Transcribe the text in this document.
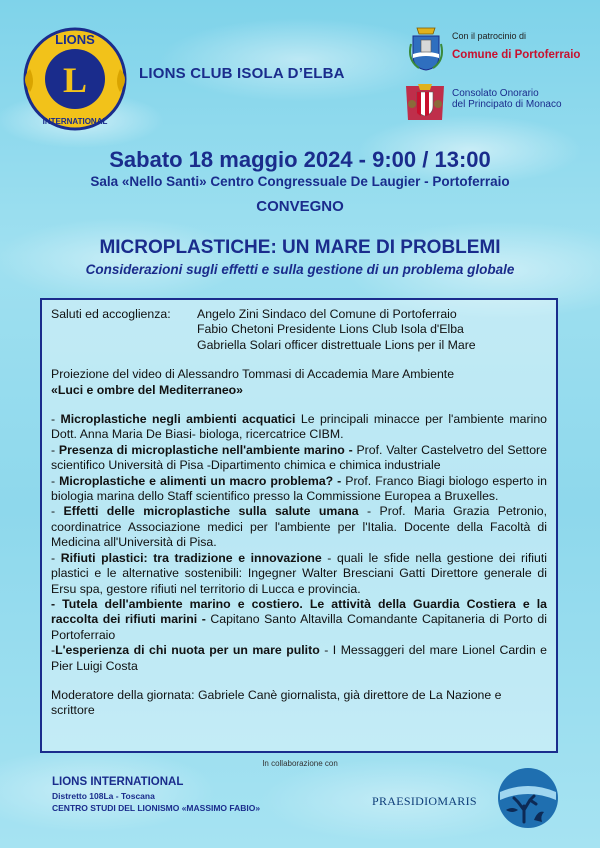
L
LIONS
INTERNATIONAL
LIONS CLUB ISOLA D’ELBA
Con il patrocinio di
Comune di Portoferraio
Consolato Onorario
del Principato di Monaco
Sabato 18 maggio 2024 - 9:00 / 13:00
Sala «Nello Santi» Centro Congressuale De Laugier - Portoferraio
CONVEGNO
MICROPLASTICHE: UN MARE DI PROBLEMI
Considerazioni sugli effetti e sulla gestione di un problema globale
Saluti ed accoglienza:	Angelo Zini Sindaco del Comune di Portoferraio
Fabio Chetoni Presidente Lions Club Isola d'Elba
Gabriella Solari officer distrettuale Lions per il Mare
Proiezione del video di Alessandro Tommasi di Accademia Mare Ambiente
«Luci e ombre del Mediterraneo»
- Microplastiche negli ambienti acquatici Le principali minacce per l'ambiente marino Dott. Anna Maria De Biasi- biologa, ricercatrice CIBM.
- Presenza di microplastiche nell'ambiente marino - Prof. Valter Castelvetro del Settore scientifico Università di Pisa -Dipartimento chimica e chimica industriale
- Microplastiche e alimenti un macro problema? - Prof. Franco Biagi biologo esperto in biologia marina dello Staff scientifico presso la Commissione Europea a Bruxelles.
- Effetti delle microplastiche sulla salute umana - Prof. Maria Grazia Petronio, coordinatrice Associazione medici per l'ambiente per l'Italia. Docente della Facoltà di Medicina all'Università di Pisa.
- Rifiuti plastici: tra tradizione e innovazione - quali le sfide nella gestione dei rifiuti plastici e le alternative sostenibili: Ingegner Walter Bresciani Gatti Direttore generale di Ersu spa, gestore rifiuti nel territorio di Lucca e provincia.
- Tutela dell'ambiente marino e costiero. Le attività della Guardia Costiera e la raccolta dei rifiuti marini - Capitano Santo Altavilla Comandante Capitaneria di Porto di Portoferraio
-L'esperienza di chi nuota per un mare pulito - I Messaggeri del mare Lionel Cardin e Pier Luigi Costa
Moderatore della giornata: Gabriele Canè giornalista, già direttore de La Nazione e scrittore
In collaborazione con
LIONS INTERNATIONAL
Distretto 108La - Toscana
CENTRO STUDI DEL LIONISMO «MASSIMO FABIO»	PRAESIDIOMARIS
